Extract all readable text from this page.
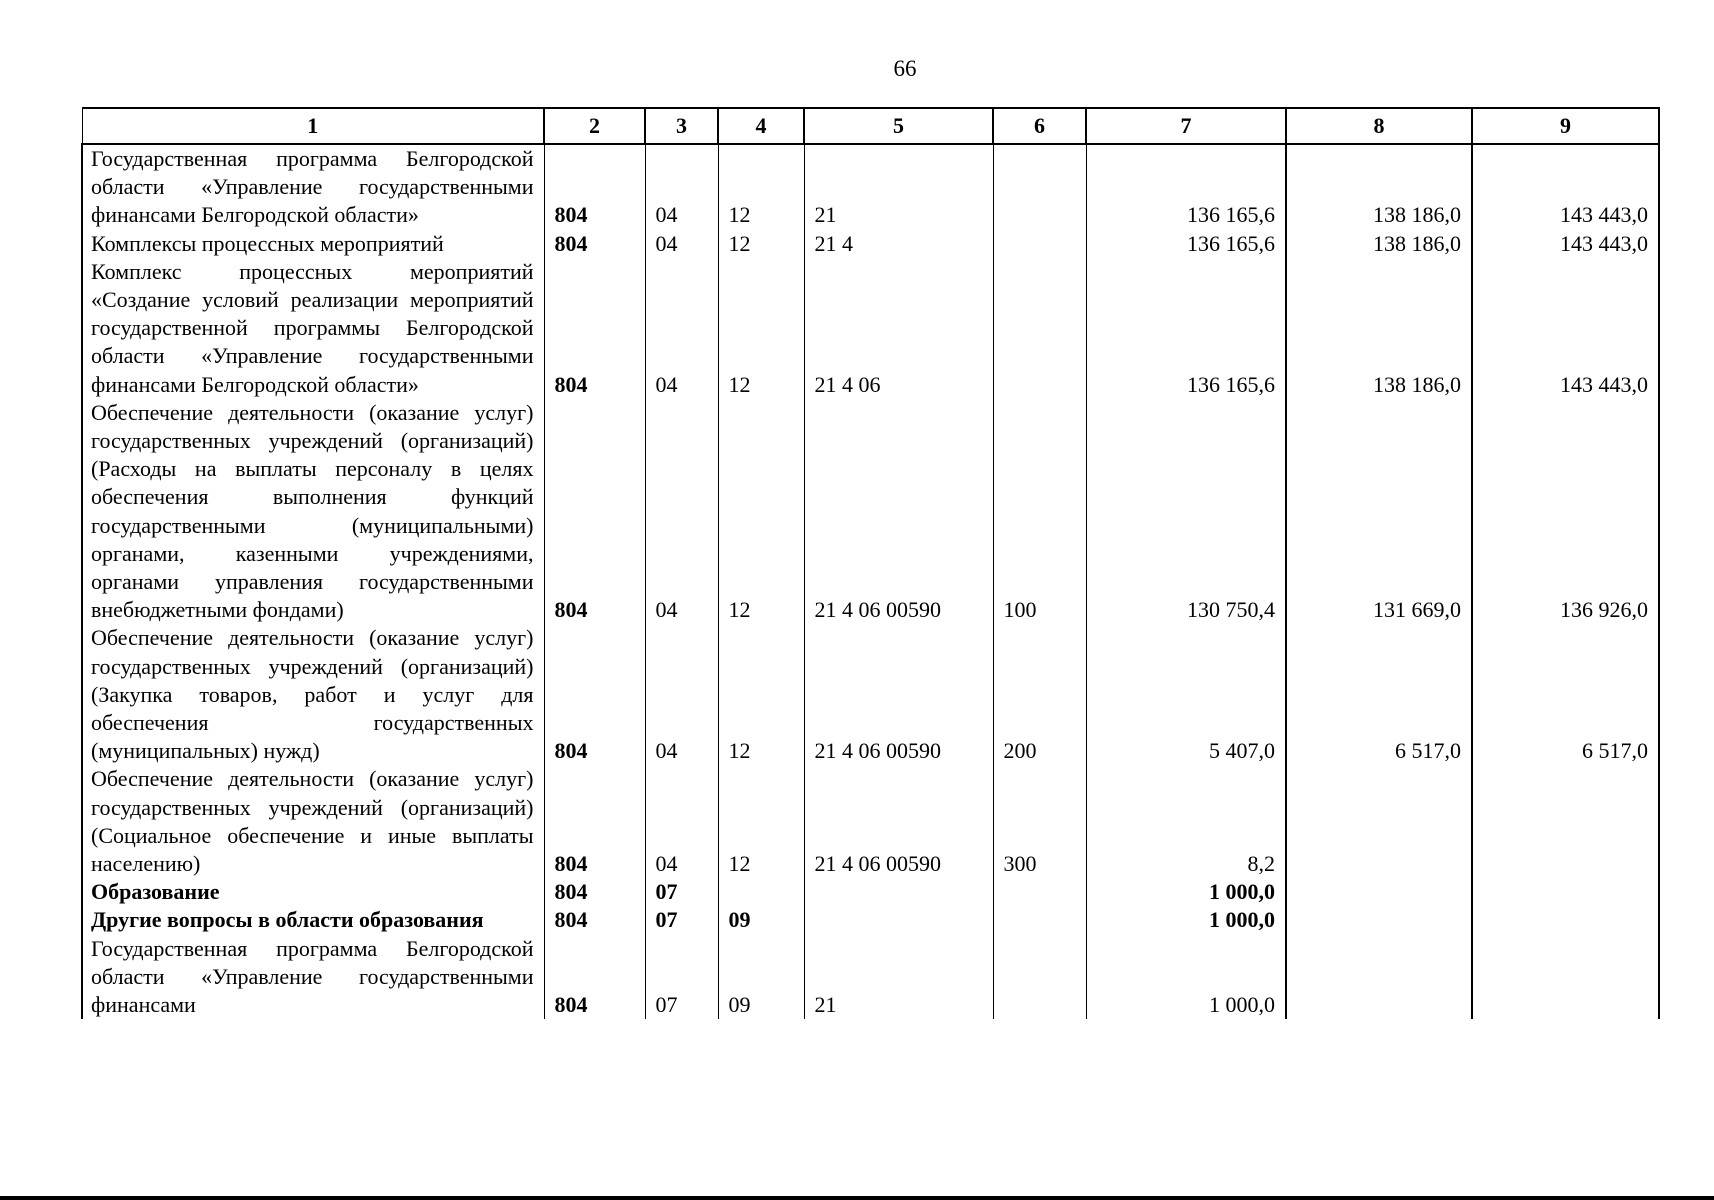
66
1	2	3	4	5	6	7	8	9
Государственная программа Белгородской области «Управление государственными финансами Белгородской области»	804	04	12	21		136 165,6	138 186,0	143 443,0
Комплексы процессных мероприятий	804	04	12	21 4		136 165,6	138 186,0	143 443,0
Комплекс процессных мероприятий «Создание условий реализации мероприятий государственной программы Белгородской области «Управление государственными финансами Белгородской области»	804	04	12	21 4 06		136 165,6	138 186,0	143 443,0
Обеспечение деятельности (оказание услуг) государственных учреждений (организаций) (Расходы на выплаты персоналу в целях обеспечения выполнения функций государственными (муниципальными) органами, казенными учреждениями, органами управления государственными внебюджетными фондами)	804	04	12	21 4 06 00590	100	130 750,4	131 669,0	136 926,0
Обеспечение деятельности (оказание услуг) государственных учреждений (организаций) (Закупка товаров, работ и услуг для обеспечения государственных (муниципальных) нужд)	804	04	12	21 4 06 00590	200	5 407,0	6 517,0	6 517,0
Обеспечение деятельности (оказание услуг) государственных учреждений (организаций) (Социальное обеспечение и иные выплаты населению)	804	04	12	21 4 06 00590	300	8,2		
Образование	804	07				1 000,0		
Другие вопросы в области образования	804	07	09			1 000,0		
Государственная программа Белгородской области «Управление государственными финансами	804	07	09	21		1 000,0		
